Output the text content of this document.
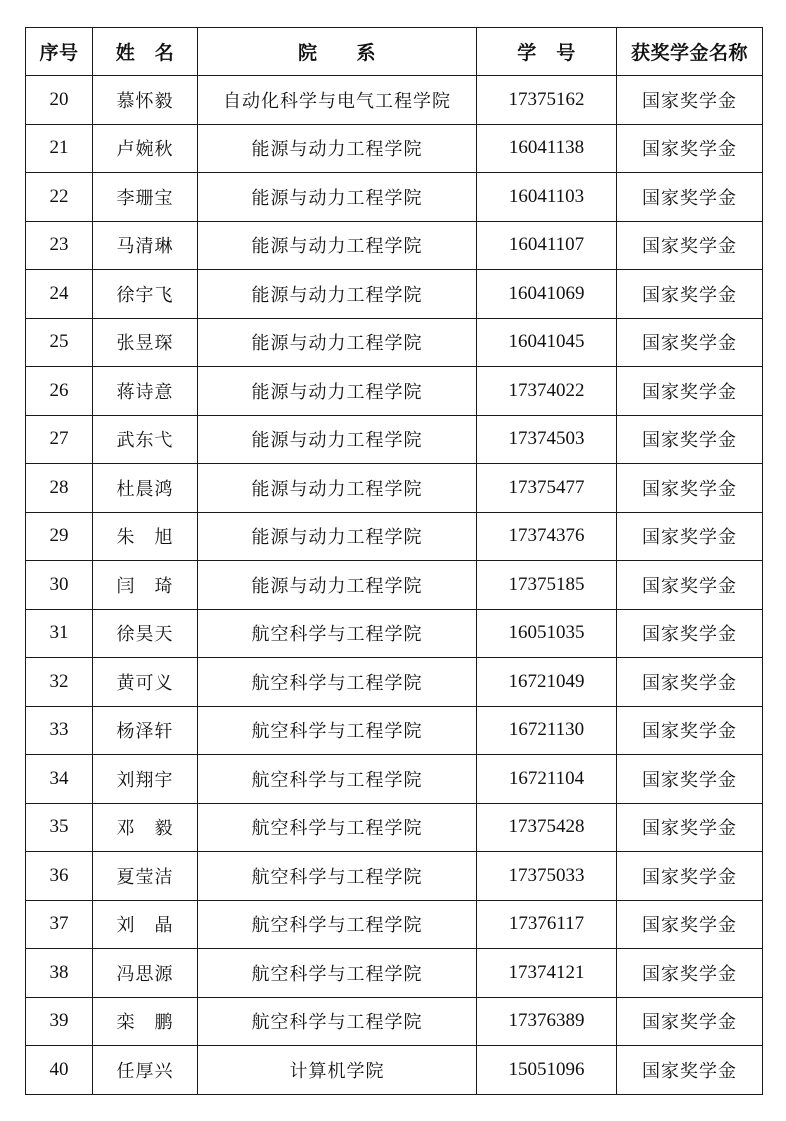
序号	姓　名	院　　系	学　号	获奖学金名称
20	慕怀毅	自动化科学与电气工程学院	17375162	国家奖学金
21	卢婉秋	能源与动力工程学院	16041138	国家奖学金
22	李珊宝	能源与动力工程学院	16041103	国家奖学金
23	马清琳	能源与动力工程学院	16041107	国家奖学金
24	徐宇飞	能源与动力工程学院	16041069	国家奖学金
25	张昱琛	能源与动力工程学院	16041045	国家奖学金
26	蒋诗意	能源与动力工程学院	17374022	国家奖学金
27	武东弋	能源与动力工程学院	17374503	国家奖学金
28	杜晨鸿	能源与动力工程学院	17375477	国家奖学金
29	朱　旭	能源与动力工程学院	17374376	国家奖学金
30	闫　琦	能源与动力工程学院	17375185	国家奖学金
31	徐昊天	航空科学与工程学院	16051035	国家奖学金
32	黄可义	航空科学与工程学院	16721049	国家奖学金
33	杨泽轩	航空科学与工程学院	16721130	国家奖学金
34	刘翔宇	航空科学与工程学院	16721104	国家奖学金
35	邓　毅	航空科学与工程学院	17375428	国家奖学金
36	夏莹洁	航空科学与工程学院	17375033	国家奖学金
37	刘　晶	航空科学与工程学院	17376117	国家奖学金
38	冯思源	航空科学与工程学院	17374121	国家奖学金
39	栾　鹏	航空科学与工程学院	17376389	国家奖学金
40	任厚兴	计算机学院	15051096	国家奖学金
